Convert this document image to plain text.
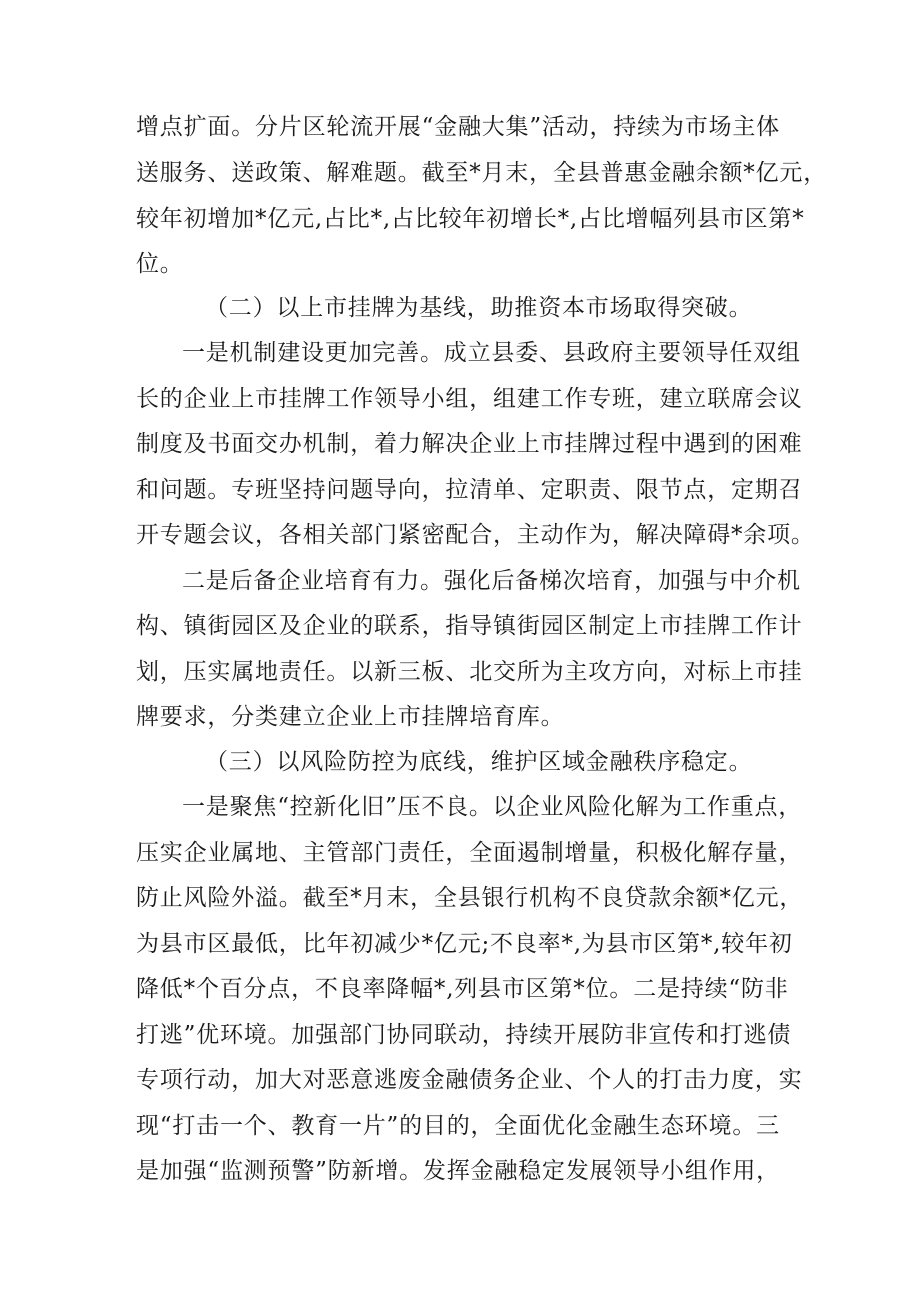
增点扩面。分片区轮流开展“金融大集”活动，持续为市场主体
送服务、送政策、解难题。截至*月末，全县普惠金融余额*亿元，
较年初增加*亿元,占比*,占比较年初增长*,占比增幅列县市区第*
位。
（二）以上市挂牌为基线，助推资本市场取得突破。
一是机制建设更加完善。成立县委、县政府主要领导任双组
长的企业上市挂牌工作领导小组，组建工作专班，建立联席会议
制度及书面交办机制，着力解决企业上市挂牌过程中遇到的困难
和问题。专班坚持问题导向，拉清单、定职责、限节点，定期召
开专题会议，各相关部门紧密配合，主动作为，解决障碍*余项。
二是后备企业培育有力。强化后备梯次培育，加强与中介机
构、镇街园区及企业的联系，指导镇街园区制定上市挂牌工作计
划，压实属地责任。以新三板、北交所为主攻方向，对标上市挂
牌要求，分类建立企业上市挂牌培育库。
（三）以风险防控为底线，维护区域金融秩序稳定。
一是聚焦“控新化旧”压不良。以企业风险化解为工作重点，
压实企业属地、主管部门责任，全面遏制增量，积极化解存量，
防止风险外溢。截至*月末，全县银行机构不良贷款余额*亿元，
为县市区最低，比年初减少*亿元;不良率*,为县市区第*,较年初
降低*个百分点，不良率降幅*,列县市区第*位。二是持续“防非
打逃”优环境。加强部门协同联动，持续开展防非宣传和打逃债
专项行动，加大对恶意逃废金融债务企业、个人的打击力度，实
现“打击一个、教育一片”的目的，全面优化金融生态环境。三
是加强“监测预警”防新增。发挥金融稳定发展领导小组作用，
